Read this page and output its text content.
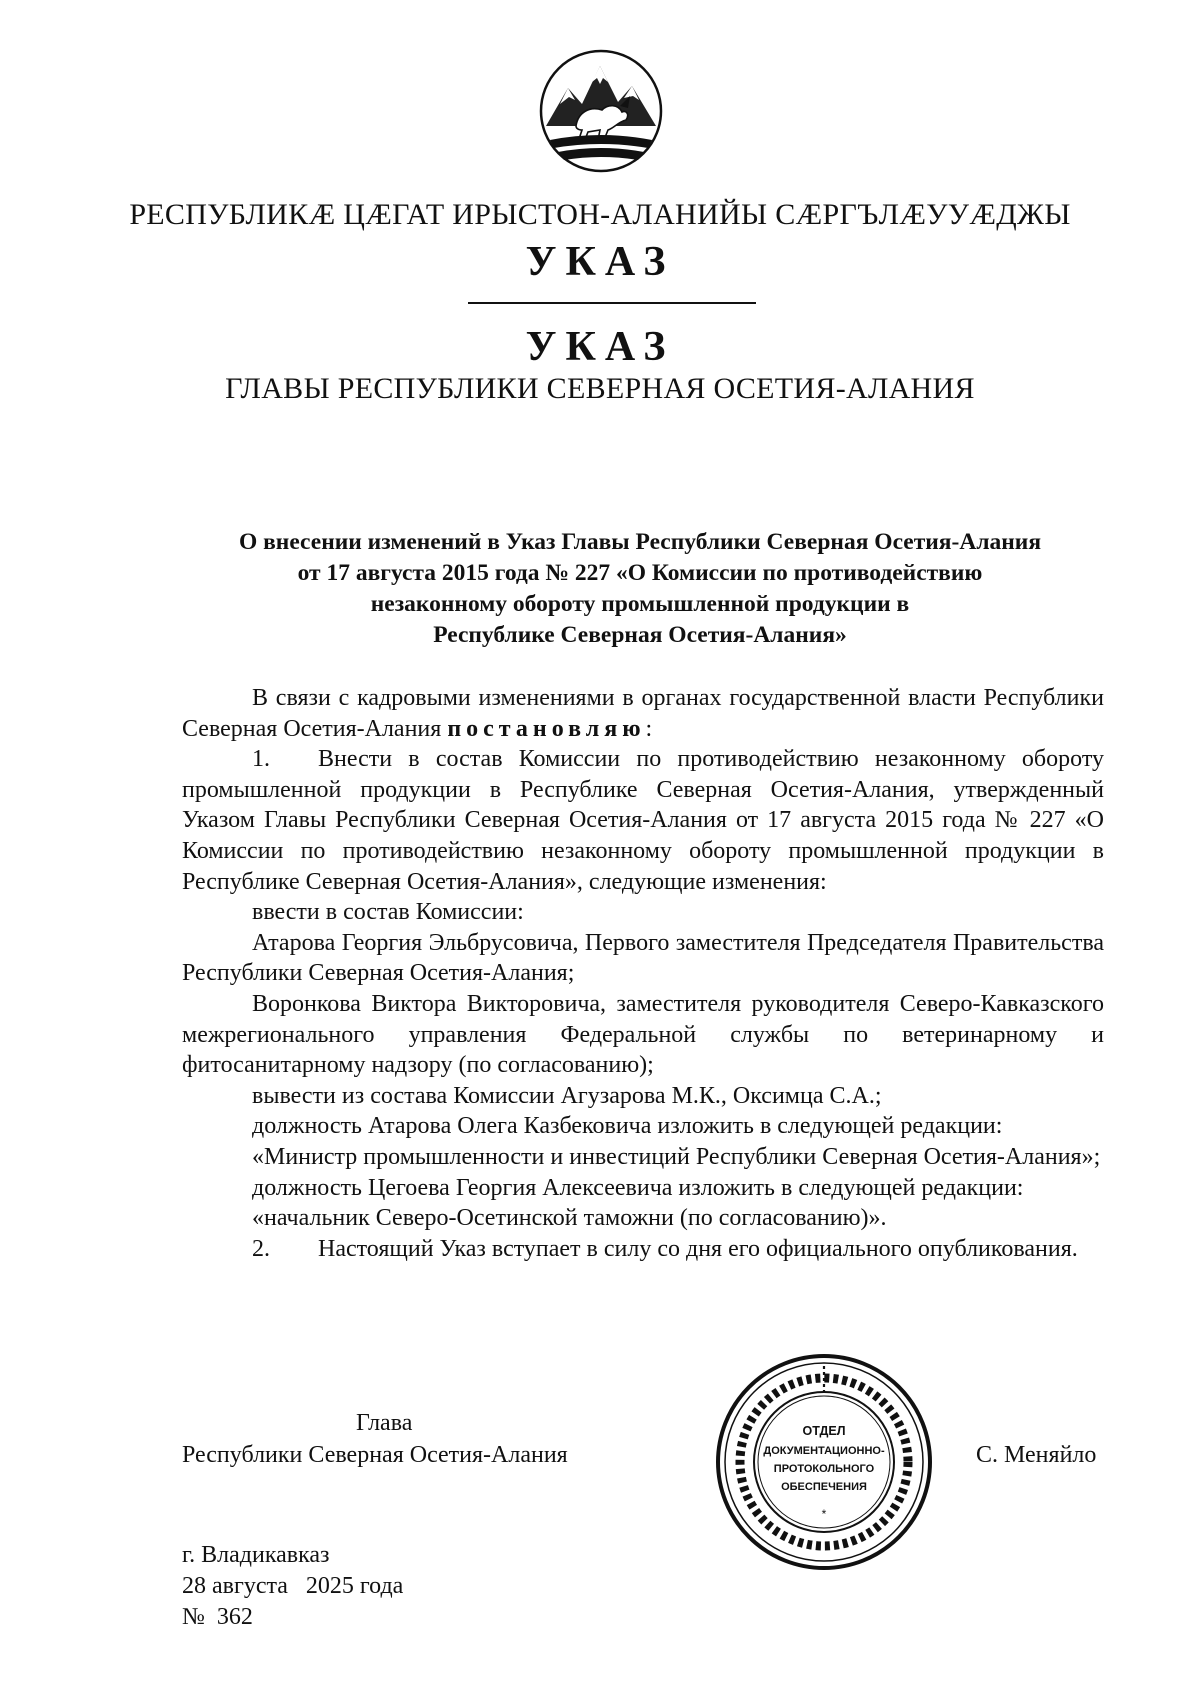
РЕСПУБЛИКӔ ЦӔГАТ ИРЫСТОН-АЛАНИЙЫ СӔРГЪЛӔУУӔДЖЫ
УКАЗ
УКАЗ
ГЛАВЫ РЕСПУБЛИКИ СЕВЕРНАЯ ОСЕТИЯ-АЛАНИЯ
О внесении изменений в Указ Главы Республики Северная Осетия-Алания
от 17 августа 2015 года № 227 «О Комиссии по противодействию
незаконному обороту промышленной продукции в
Республике Северная Осетия-Алания»

В связи с кадровыми изменениями в органах государственной власти Республики Северная Осетия-Алания постановляю:

1. Внести в состав Комиссии по противодействию незаконному обороту промышленной продукции в Республике Северная Осетия-Алания, утвержденный Указом Главы Республики Северная Осетия-Алания от 17 августа 2015 года № 227 «О Комиссии по противодействию незаконному обороту промышленной продукции в Республике Северная Осетия-Алания», следующие изменения:

ввести в состав Комиссии:

Атарова Георгия Эльбрусовича, Первого заместителя Председателя Правительства Республики Северная Осетия-Алания;

Воронкова Виктора Викторовича, заместителя руководителя Северо-Кавказского межрегионального управления Федеральной службы по ветеринарному и фитосанитарному надзору (по согласованию);

вывести из состава Комиссии Агузарова М.К., Оксимца С.А.;

должность Атарова Олега Казбековича изложить в следующей редакции:

«Министр промышленности и инвестиций Республики Северная Осетия-Алания»;

должность Цегоева Георгия Алексеевича изложить в следующей редакции:

«начальник Северо-Осетинской таможни (по согласованию)».

2. Настоящий Указ вступает в силу со дня его официального опубликования.

Глава
Республики Северная Осетия-Алания	С. Меняйло
ОТДЕЛ
ДОКУМЕНТАЦИОННО-
ПРОТОКОЛЬНОГО
ОБЕСПЕЧЕНИЯ
*
г. Владикавказ
28 августа   2025 года
№  362
